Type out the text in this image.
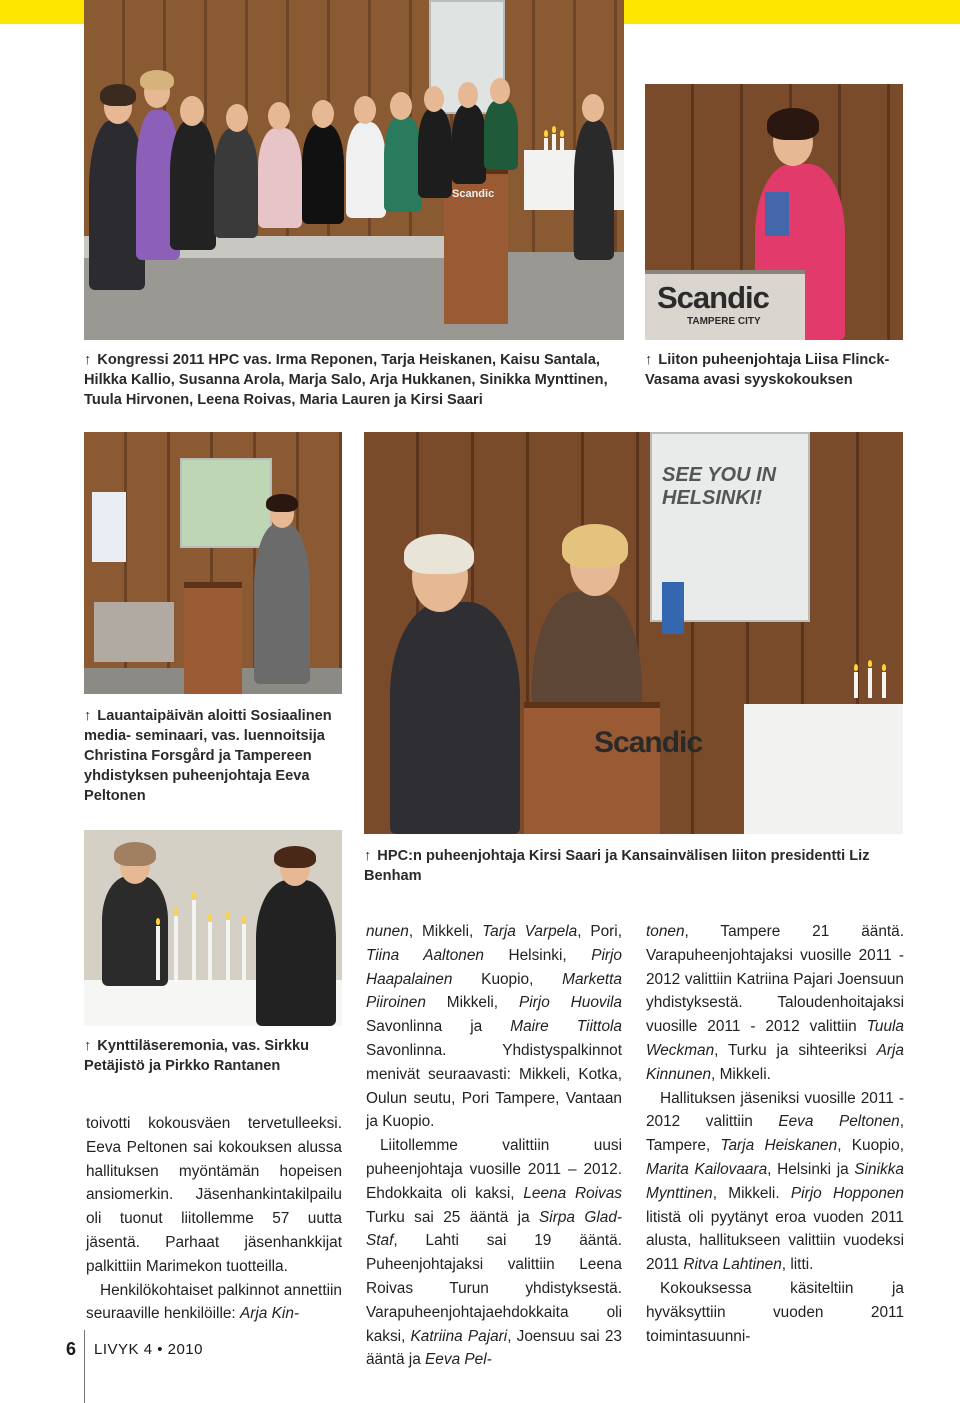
Scandic
Scandic
TAMPERE CITY
↑ Kongressi 2011 HPC vas. Irma Reponen, Tarja Heiskanen, Kaisu Santala, Hilkka Kallio, Susanna Arola, Marja Salo, Arja Hukkanen, Sinikka Mynttinen, Tuula Hirvonen, Leena Roivas, Maria Lauren ja Kirsi Saari
↑ Liiton puheenjohtaja Liisa Flinck-Vasama avasi syyskokouksen
SEE YOU IN HELSINKI!
Scandic
↑ Lauantaipäivän aloitti Sosiaalinen media- seminaari, vas. luennoitsija Christina Forsgård ja Tampereen yhdistyksen puheenjohtaja Eeva Peltonen
↑ HPC:n puheenjohtaja Kirsi Saari ja Kansainvälisen liiton presidentti Liz Benham
↑ Kynttiläseremonia, vas. Sirkku Petäjistö ja Pirkko Rantanen

toivotti kokousväen tervetulleeksi. Eeva Peltonen sai kokouksen alussa hallituksen myöntämän hopeisen ansiomerkin. Jäsenhankintakilpailu oli tuonut liitollemme 57 uutta jäsentä. Parhaat jäsenhankkijat palkittiin Marimekon tuotteilla.

Henkilökohtaiset palkinnot annettiin seuraaville henkilöille: Arja Kin-

nunen, Mikkeli, Tarja Varpela, Pori, Tiina Aaltonen Helsinki, Pirjo Haapalainen Kuopio, Marketta Piiroinen Mikkeli, Pirjo Huovila Savonlinna ja Maire Tiittola Savonlinna. Yhdistyspalkinnot menivät seuraavasti: Mikkeli, Kotka, Oulun seutu, Pori Tampere, Vantaan ja Kuopio.

Liitollemme valittiin uusi puheenjohtaja vuosille 2011 – 2012. Ehdokkaita oli kaksi, Leena Roivas Turku sai 25 ääntä ja Sirpa Glad-Staf, Lahti sai 19 ääntä. Puheenjohtajaksi valittiin Leena Roivas Turun yhdistyksestä. Varapuheenjohtajaehdokkaita oli kaksi, Katriina Pajari, Joensuu sai 23 ääntä ja Eeva Pel-

tonen, Tampere 21 ääntä. Varapuheenjohtajaksi vuosille 2011 - 2012 valittiin Katriina Pajari Joensuun yhdistyksestä. Taloudenhoitajaksi vuosille 2011 - 2012 valittiin Tuula Weckman, Turku ja sihteeriksi Arja Kinnunen, Mikkeli.

Hallituksen jäseniksi vuosille 2011 - 2012 valittiin Eeva Peltonen, Tampere, Tarja Heiskanen, Kuopio, Marita Kailovaara, Helsinki ja Sinikka Mynttinen, Mikkeli. Pirjo Hopponen litistä oli pyytänyt eroa vuoden 2011 alusta, hallitukseen valittiin vuodeksi 2011 Ritva Lahtinen, litti.

Kokouksessa käsiteltiin ja hyväksyttiin vuoden 2011 toimintasuunni-

6 LIVYK 4 • 2010
